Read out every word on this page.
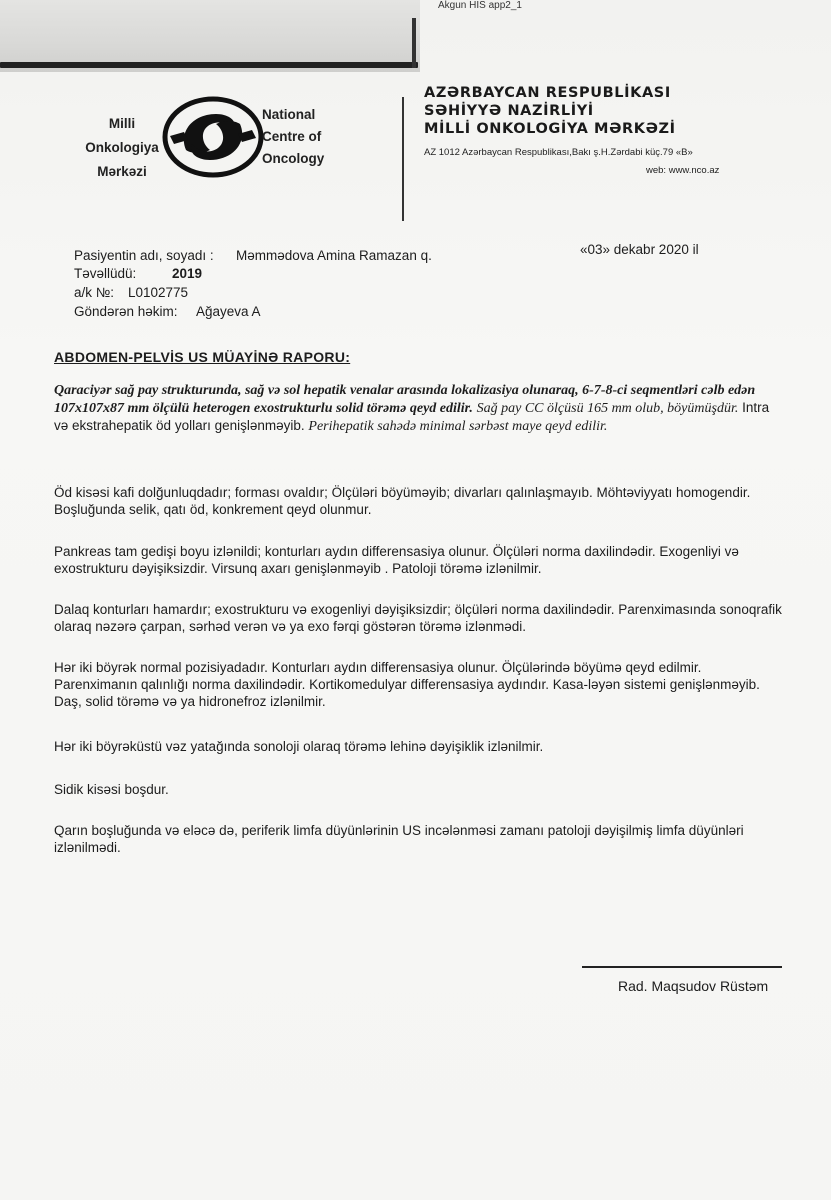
Akgun HIS app2_1
Milli
Onkologiya
Mərkəzi
National
Centre of
Oncology
AZƏRBAYCAN RESPUBLİKASI
SƏHİYYƏ NAZİRLİYİ
MİLLİ ONKOLOGİYA MƏRKƏZİ
AZ 1012 Azərbaycan Respublikası,Bakı ş.H.Zərdabi küç.79 «B»
web: www.nco.az
Pasiyentin adı, soyadı : Məmmədova Amina Ramazan q.	«03» dekabr 2020 il
Təvəllüdü:	2019
a/k №: L0102775
Göndərən həkim: Ağayeva A
ABDOMEN-PELVİS US MÜAYİNƏ RAPORU:
Qaraciyər sağ pay strukturunda, sağ və sol hepatik venalar arasında lokalizasiya olunaraq, 6-7-8-ci seqmentləri cəlb edən 107x107x87 mm ölçülü heterogen exostrukturlu solid törəmə qeyd edilir. Sağ pay CC ölçüsü 165 mm olub, böyümüşdür. Intra və ekstrahepatik öd yolları genişlənməyib. Perihepatik sahədə minimal sərbəst maye qeyd edilir.
Öd kisəsi kafi dolğunluqdadır; forması ovaldır; Ölçüləri böyüməyib; divarları qalınlaşmayıb. Möhtəviyyatı homogendir. Boşluğunda selik, qatı öd, konkrement qeyd olunmur.
Pankreas tam gedişi boyu izlənildi; konturları aydın differensasiya olunur. Ölçüləri norma daxilindədir. Exogenliyi və exostrukturu dəyişiksizdir. Virsunq axarı genişlənməyib . Patoloji törəmə izlənilmir.
Dalaq konturları hamardır; exostrukturu və exogenliyi dəyişiksizdir; ölçüləri norma daxilindədir. Parenximasında sonoqrafik olaraq nəzərə çarpan, sərhəd verən və ya exo fərqi göstərən törəmə izlənmədi.
Hər iki böyrək normal pozisiyadadır. Konturları aydın differensasiya olunur. Ölçülərində böyümə qeyd edilmir. Parenximanın qalınlığı norma daxilindədir. Kortikomedulyar differensasiya aydındır. Kasa-ləyən sistemi genişlənməyib. Daş, solid törəmə və ya hidronefroz izlənilmir.
Hər iki böyrəküstü vəz yatağında sonoloji olaraq törəmə lehinə dəyişiklik izlənilmir.
Sidik kisəsi boşdur.
Qarın boşluğunda və eləcə də, periferik limfa düyünlərinin US incələnməsi zamanı patoloji dəyişilmiş limfa düyünləri izlənilmədi.
Rad. Maqsudov Rüstəm
